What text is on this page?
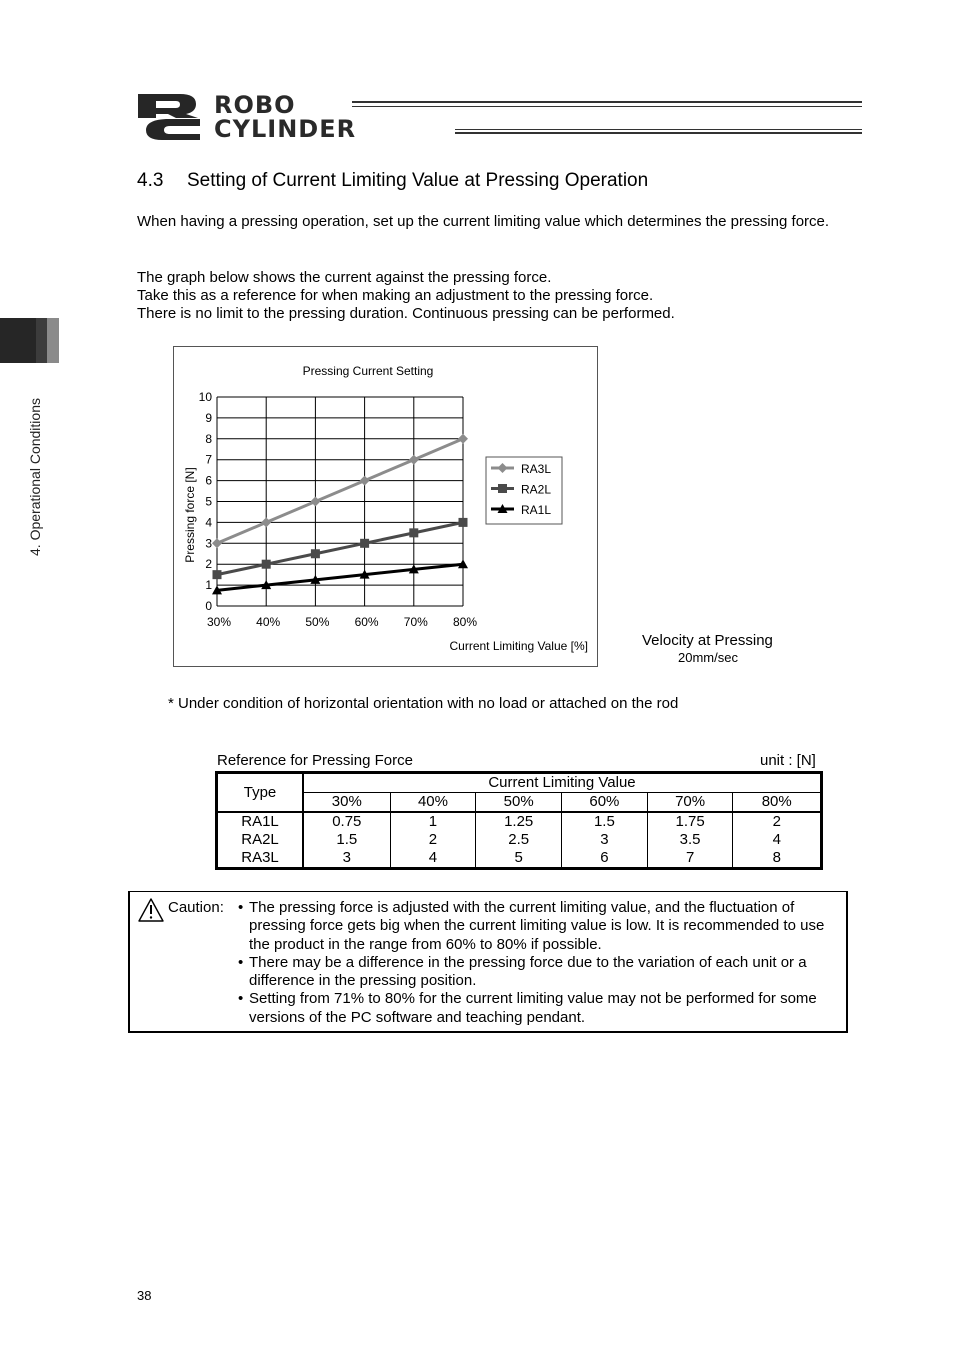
ROBO
CYLINDER
4. Operational Conditions
4.3 Setting of Current Limiting Value at Pressing Operation
When having a pressing operation, set up the current limiting value which determines the pressing force.
The graph below shows the current against the pressing force.
Take this as a reference for when making an adjustment to the pressing force.
There is no limit to the pressing duration. Continuous pressing can be performed.
Pressing Current Setting
0
1
2
3
4
5
6
7
8
9
10
30% 40% 50% 60% 70% 80%
Current Limiting Value [%]
Pressing force [N]	RA3L
RA2L
RA1L
Velocity at Pressing
20mm/sec
* Under condition of horizontal orientation with no load or attached on the rod
Reference for Pressing Force	unit : [N]
Type	Current Limiting Value					
	30%	40%	50%	60%	70%	80%
RA1L	0.75	1	1.25	1.5	1.75	2
RA2L	1.5	2	2.5	3	3.5	4
RA3L	3	4	5	6	7	8
Caution:	• The pressing force is adjusted with the current limiting value, and the fluctuation of pressing force gets big when the current limiting value is low. It is recommended to use the product in the range from 60% to 80% if possible.
• There may be a difference in the pressing force due to the variation of each unit or a difference in the pressing position.
• Setting from 71% to 80% for the current limiting value may not be performed for some versions of the PC software and teaching pendant.
38
